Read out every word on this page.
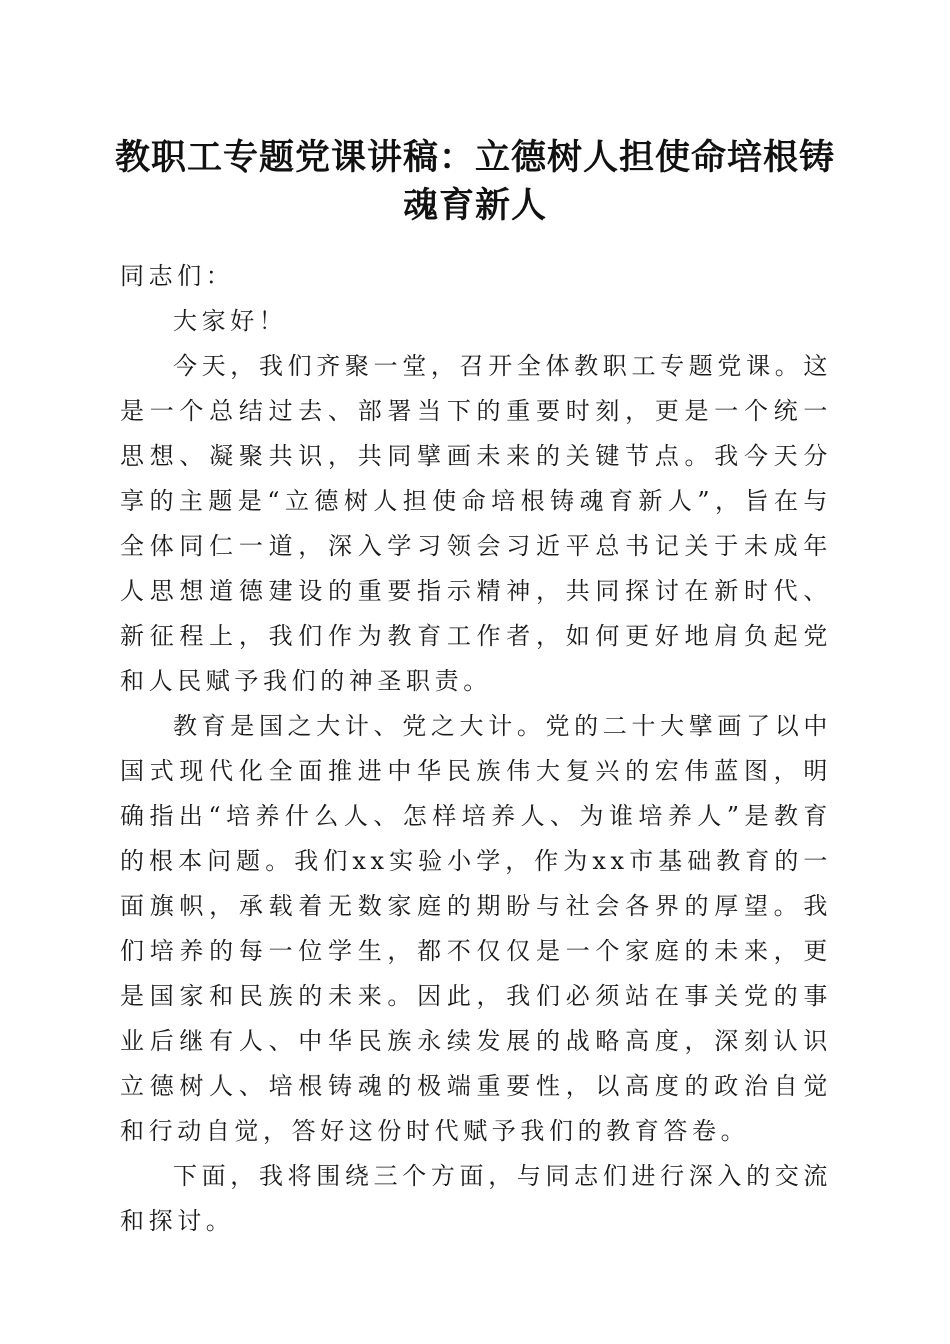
教职工专题党课讲稿：立德树人担使命培根铸魂育新人

同志们：

大家好！

今天，我们齐聚一堂，召开全体教职工专题党课。这是一个总结过去、部署当下的重要时刻，更是一个统一思想、凝聚共识，共同擘画未来的关键节点。我今天分享的主题是“立德树人担使命培根铸魂育新人”，旨在与全体同仁一道，深入学习领会习近平总书记关于未成年人思想道德建设的重要指示精神，共同探讨在新时代、新征程上，我们作为教育工作者，如何更好地肩负起党和人民赋予我们的神圣职责。

教育是国之大计、党之大计。党的二十大擘画了以中国式现代化全面推进中华民族伟大复兴的宏伟蓝图，明确指出“培养什么人、怎样培养人、为谁培养人”是教育的根本问题。我们xx实验小学，作为xx市基础教育的一面旗帜，承载着无数家庭的期盼与社会各界的厚望。我们培养的每一位学生，都不仅仅是一个家庭的未来，更是国家和民族的未来。因此，我们必须站在事关党的事业后继有人、中华民族永续发展的战略高度，深刻认识立德树人、培根铸魂的极端重要性，以高度的政治自觉和行动自觉，答好这份时代赋予我们的教育答卷。

下面，我将围绕三个方面，与同志们进行深入的交流和探讨。
